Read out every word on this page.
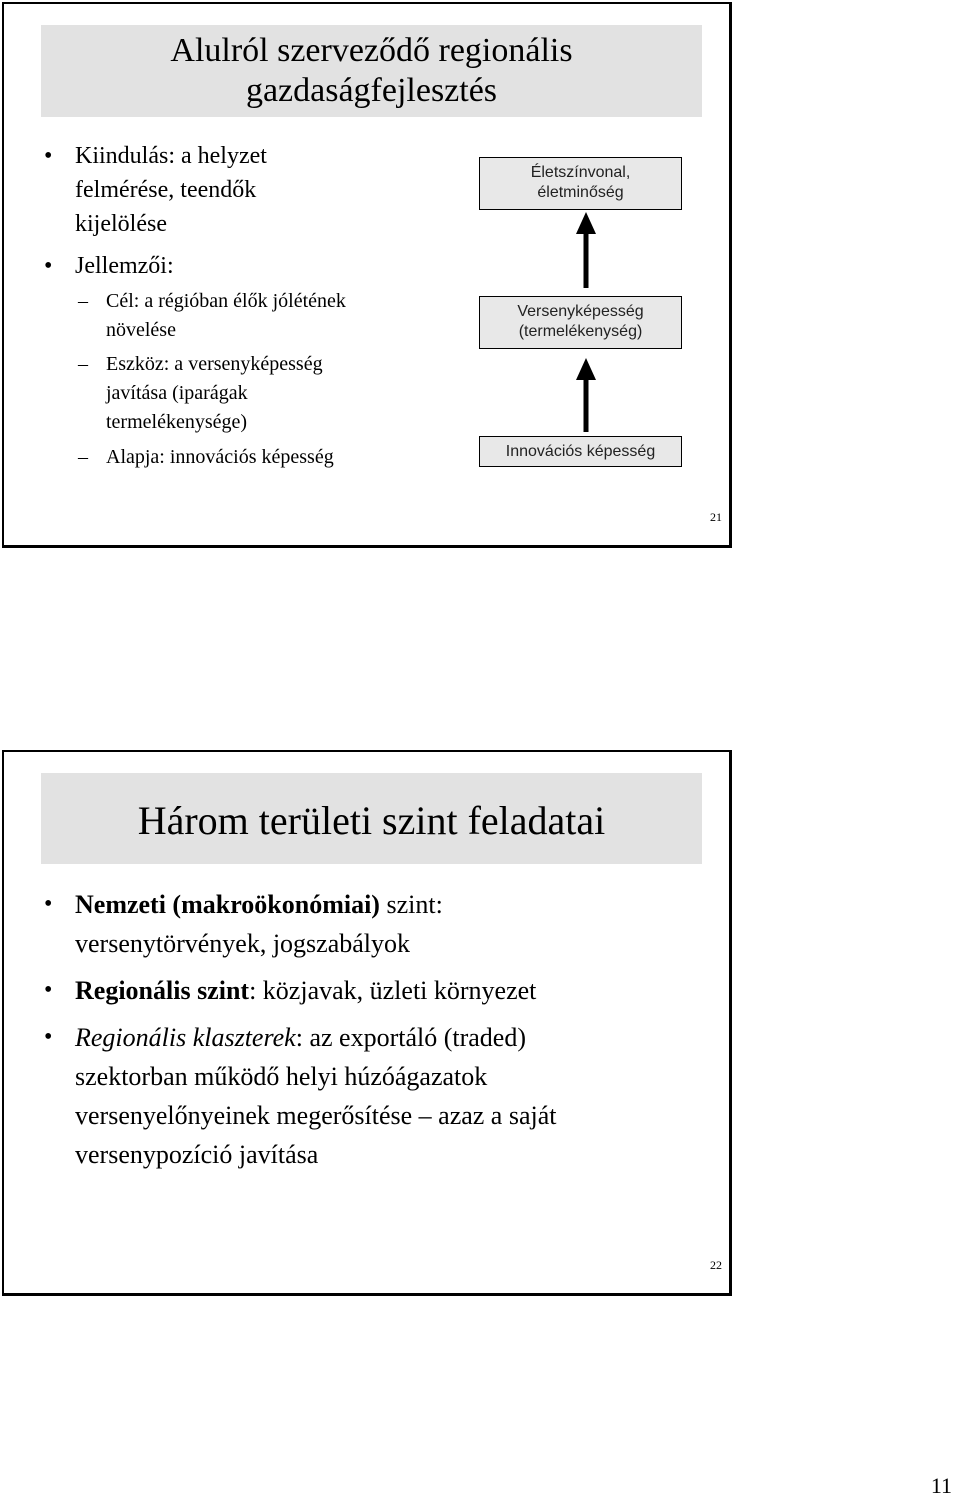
Alulról szerveződő regionális
gazdaságfejlesztés
• Kiindulás: a helyzet
felmérése, teendők
kijelölése
• Jellemzői:
– Cél: a régióban élők jólétének
növelése
– Eszköz: a versenyképesség
javítása (iparágak
termelékenysége)
– Alapja: innovációs képesség
Életszínvonal,
életminőség
Versenyképesség
(termelékenység)
Innovációs képesség
21
Három területi szint feladatai
• Nemzeti (makroökonómiai) szint:
versenytörvények, jogszabályok
• Regionális szint: közjavak, üzleti környezet
• Regionális klaszterek: az exportáló (traded)
szektorban működő helyi húzóágazatok
versenyelőnyeinek megerősítése – azaz a saját
versenypozíció javítása
22
11
